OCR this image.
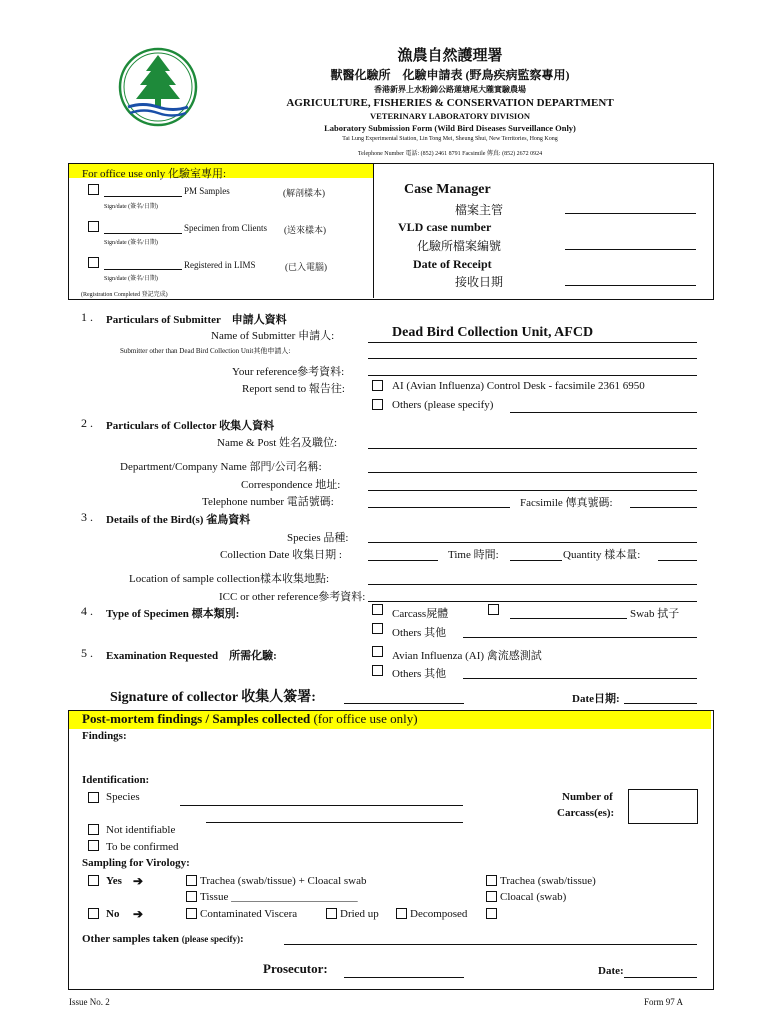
漁農自然護理署
獸醫化驗所　化驗申請表 (野鳥疾病監察專用)
香港新界上水粉錦公路蓮塘尾大隴實驗農場
AGRICULTURE, FISHERIES & CONSERVATION DEPARTMENT
VETERINARY LABORATORY DIVISION
Laboratory Submission Form (Wild Bird Diseases Surveillance Only)
Tai Lung Experimental Station, Lin Tong Mei, Sheung Shui, New Territories, Hong Kong
Telephone Number 電話: (852) 2461 8791 Facsimile 傳真: (852) 2672 0924
For office use only 化驗室專用:
PM Samples	(解剖樣本)
Sign/date (簽名/日期)
Specimen from Clients (送來樣本)
Sign/date (簽名/日期)
Registered in LIMS	(已入電腦)
Sign/date (簽名/日期)
(Registration Completed 登記完成)
Case Manager
檔案主管
VLD case number
化驗所檔案編號
Date of Receipt
接收日期
1 . Particulars of Submitter　申請人資料
Name of Submitter 申請人:	Dead Bird Collection Unit, AFCD
Submitter other than Dead Bird Collection Unit其他申請人:
Your reference參考資料:
Report send to 報告往:	AI (Avian Influenza) Control Desk - facsimile 2361 6950
Others (please specify)
2 . Particulars of Collector 收集人資料
Name & Post 姓名及職位:
Department/Company Name 部門/公司名稱:
Correspondence 地址:
Telephone number 電話號碼:	Facsimile 傳真號碼:
3 . Details of the Bird(s) 雀鳥資料
Species 品種:
Collection Date 收集日期 :	Time 時間:	Quantity 樣本量:
Location of sample collection樣本收集地點:
ICC or other reference參考資料:
4 . Type of Specimen 標本類別:	Carcass屍體	Swab 拭子
Others 其他
5 . Examination Requested　所需化驗:	Avian Influenza (AI) 禽流感測試
Others 其他
Signature of collector 收集人簽署:	Date日期:
Post-mortem findings / Samples collected (for office use only)
Findings:
Identification:
Species	Number of
Carcass(es):
Not identifiable
To be confirmed
Sampling for Virology:
Yes ➔	Trachea (swab/tissue) + Cloacal swab	Trachea (swab/tissue)
Tissue _______________________	Cloacal (swab)
No ➔	Contaminated Viscera	Dried up	Decomposed
Other samples taken (please specify):
Prosecutor:	Date:
Issue No. 2	Form 97 A
